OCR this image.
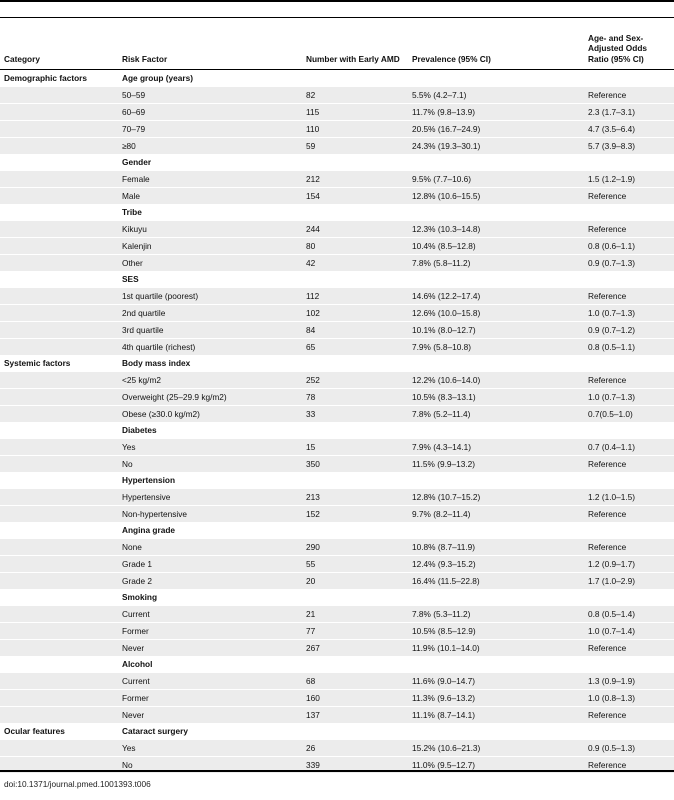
Category	Risk Factor	Number with Early AMD	Prevalence (95% CI)	Age- and Sex-Adjusted Odds Ratio (95% CI)
Demographic factors	Age group (years)			
	50–59	82	5.5% (4.2–7.1)	Reference
	60–69	115	11.7% (9.8–13.9)	2.3 (1.7–3.1)
	70–79	110	20.5% (16.7–24.9)	4.7 (3.5–6.4)
	≥80	59	24.3% (19.3–30.1)	5.7 (3.9–8.3)
	Gender			
	Female	212	9.5% (7.7–10.6)	1.5 (1.2–1.9)
	Male	154	12.8% (10.6–15.5)	Reference
	Tribe			
	Kikuyu	244	12.3% (10.3–14.8)	Reference
	Kalenjin	80	10.4% (8.5–12.8)	0.8 (0.6–1.1)
	Other	42	7.8% (5.8–11.2)	0.9 (0.7–1.3)
	SES			
	1st quartile (poorest)	112	14.6% (12.2–17.4)	Reference
	2nd quartile	102	12.6% (10.0–15.8)	1.0 (0.7–1.3)
	3rd quartile	84	10.1% (8.0–12.7)	0.9 (0.7–1.2)
	4th quartile (richest)	65	7.9% (5.8–10.8)	0.8 (0.5–1.1)
Systemic factors	Body mass index			
	<25 kg/m2	252	12.2% (10.6–14.0)	Reference
	Overweight (25–29.9 kg/m2)	78	10.5% (8.3–13.1)	1.0 (0.7–1.3)
	Obese (≥30.0 kg/m2)	33	7.8% (5.2–11.4)	0.7(0.5–1.0)
	Diabetes			
	Yes	15	7.9% (4.3–14.1)	0.7 (0.4–1.1)
	No	350	11.5% (9.9–13.2)	Reference
	Hypertension			
	Hypertensive	213	12.8% (10.7–15.2)	1.2 (1.0–1.5)
	Non-hypertensive	152	9.7% (8.2–11.4)	Reference
	Angina grade			
	None	290	10.8% (8.7–11.9)	Reference
	Grade 1	55	12.4% (9.3–15.2)	1.2 (0.9–1.7)
	Grade 2	20	16.4% (11.5–22.8)	1.7 (1.0–2.9)
	Smoking			
	Current	21	7.8% (5.3–11.2)	0.8 (0.5–1.4)
	Former	77	10.5% (8.5–12.9)	1.0 (0.7–1.4)
	Never	267	11.9% (10.1–14.0)	Reference
	Alcohol			
	Current	68	11.6% (9.0–14.7)	1.3 (0.9–1.9)
	Former	160	11.3% (9.6–13.2)	1.0 (0.8–1.3)
	Never	137	11.1% (8.7–14.1)	Reference
Ocular features	Cataract surgery			
	Yes	26	15.2% (10.6–21.3)	0.9 (0.5–1.3)
	No	339	11.0% (9.5–12.7)	Reference
doi:10.1371/journal.pmed.1001393.t006
